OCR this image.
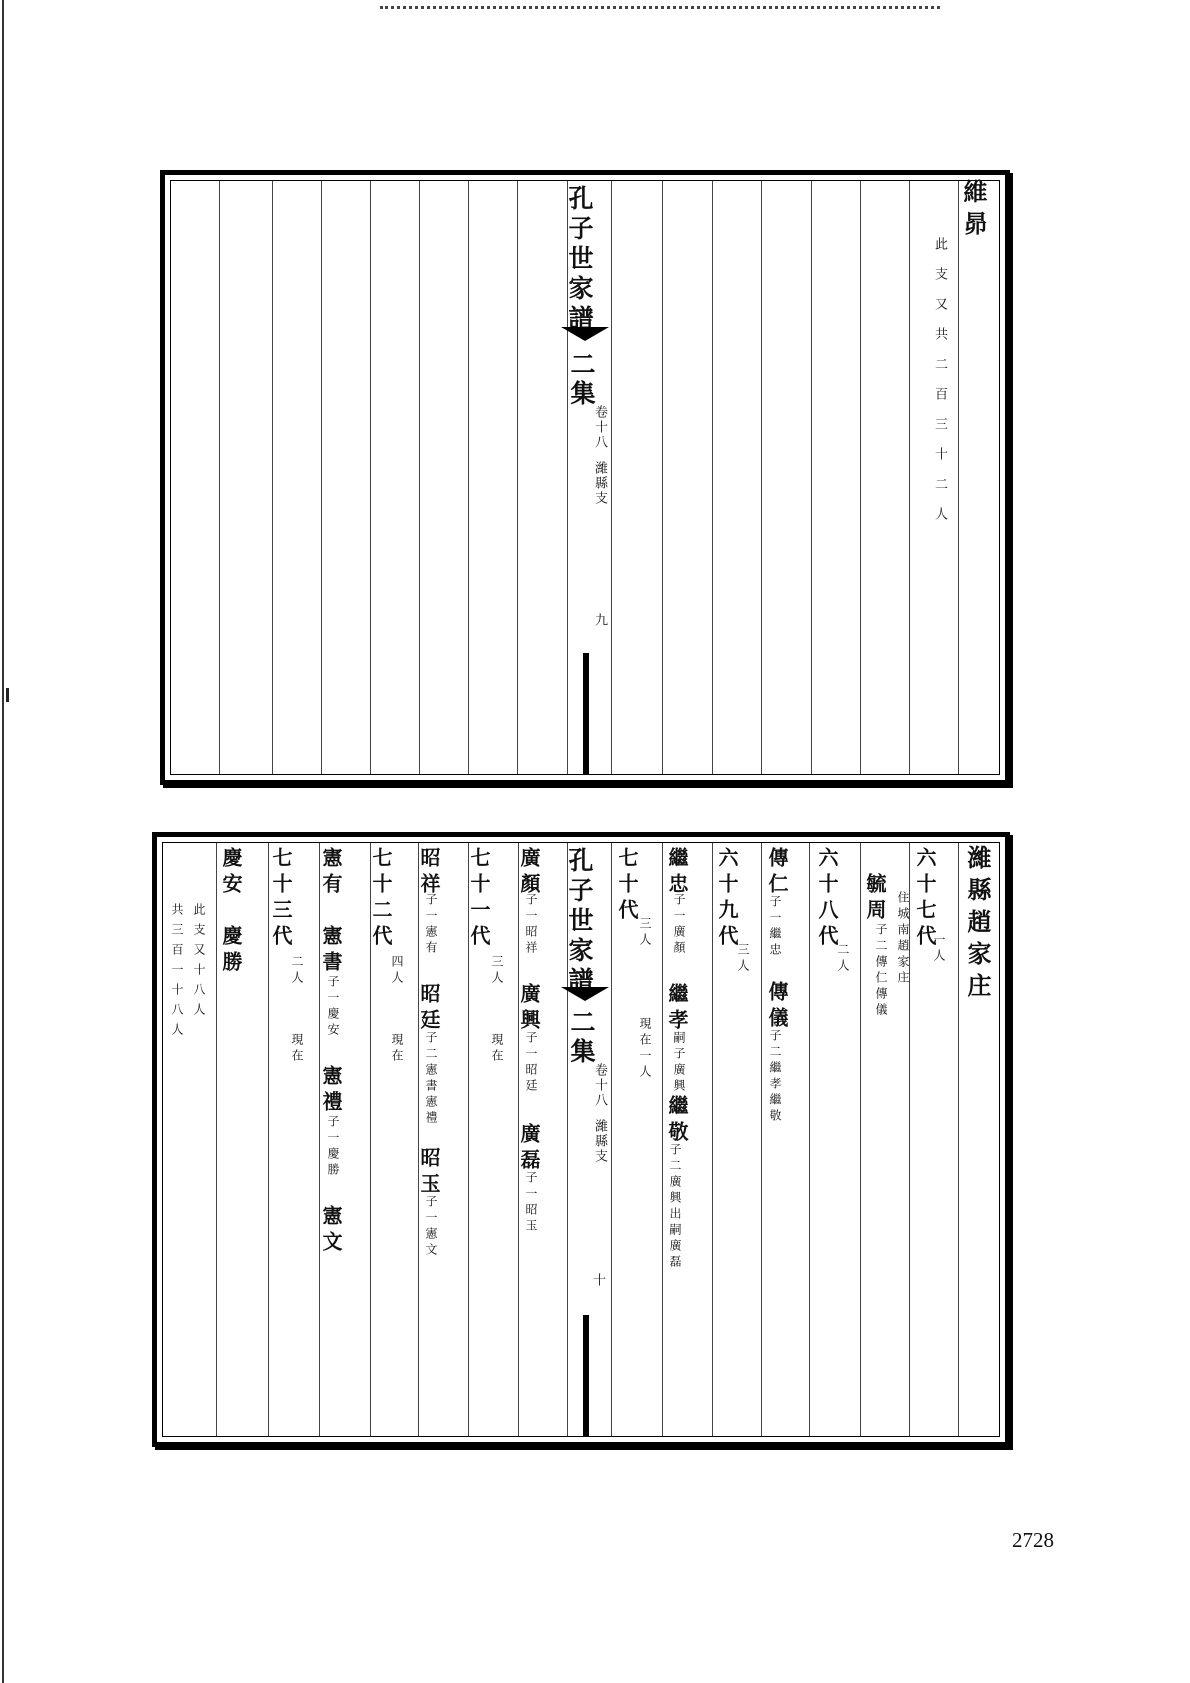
孔子世家譜
二集
卷十八
濰縣支
九
維昴
此支又共二百三十二人
孔子世家譜
二集
卷十八
濰縣支
十
濰縣趙家庄
六十七代
一人
毓周 住城南趙家庄
子二傳仁傳儀
六十八代
二人
傳仁
子一繼忠
傳儀
子二繼孝繼敬
六十九代
三人
繼忠
子一廣顏
繼孝
嗣子廣興
繼敬
子二廣興出嗣廣磊
七十代
三人
現在一人
廣顏
子一昭祥
廣興
子一昭廷
廣磊
子一昭玉
七十一代
三人
現在
昭祥
子一憲有
昭廷
子二憲書憲禮
昭玉
子一憲文
七十二代
四人
現在
憲有
憲書
子一慶安
憲禮
子一慶勝
憲文
七十三代
二人
現在
慶安
慶勝
此支又十八人
共三百一十八人
2728
